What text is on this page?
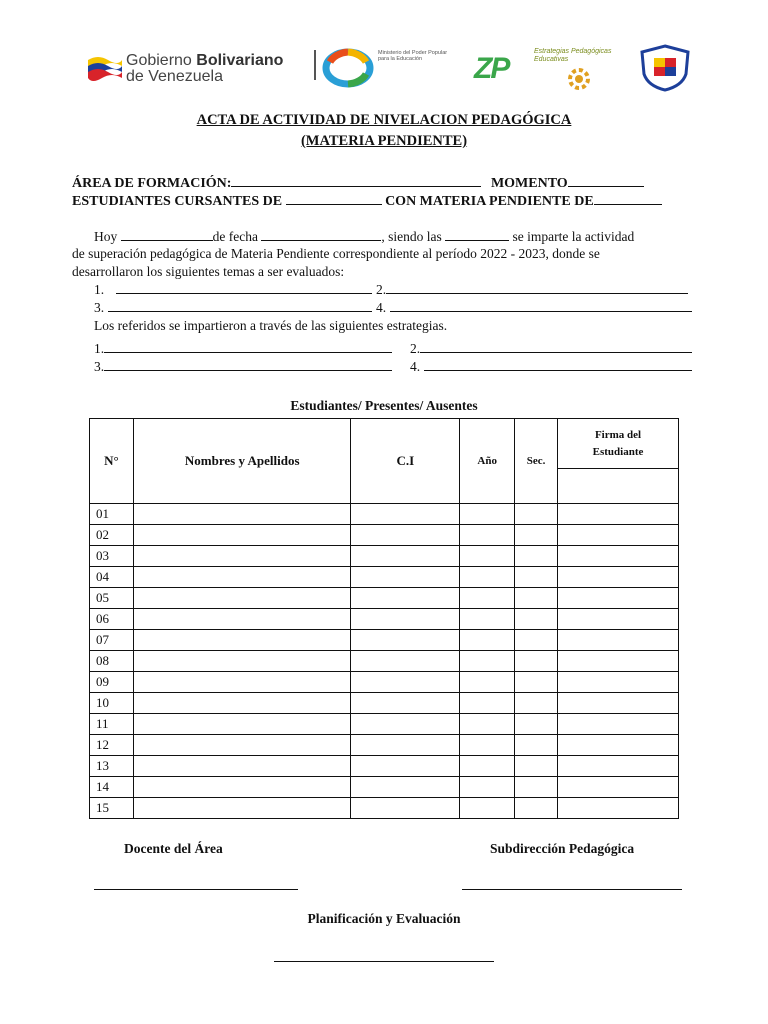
Gobierno Bolivariano
de Venezuela
Ministerio del Poder Popular para la Educación	ZP
Estrategias Pedagógicas Educativas
ACTA DE ACTIVIDAD DE NIVELACION PEDAGÓGICA
(MATERIA PENDIENTE)
ÁREA DE FORMACIÓN:	MOMENTO
ESTUDIANTES CURSANTES DE	CON MATERIA PENDIENTE DE
Hoy	de fecha	, siendo las	se imparte la actividad
de superación pedagógica de Materia Pendiente correspondiente al período 2022 - 2023, donde se
desarrollaron los siguientes temas a ser evaluados:
1.	2.
3.	4.
Los referidos se impartieron a través de las siguientes estrategias.
1.	2.
3.	4.
Estudiantes/ Presentes/ Ausentes
N°	Nombres y Apellidos	C.I	Año	Sec.	Firma del Estudiante

01					
02					
03					
04					
05					
06					
07					
08					
09					
10					
11					
12					
13					
14					
15					
Docente del Área	Subdirección Pedagógica
Planificación y Evaluación
